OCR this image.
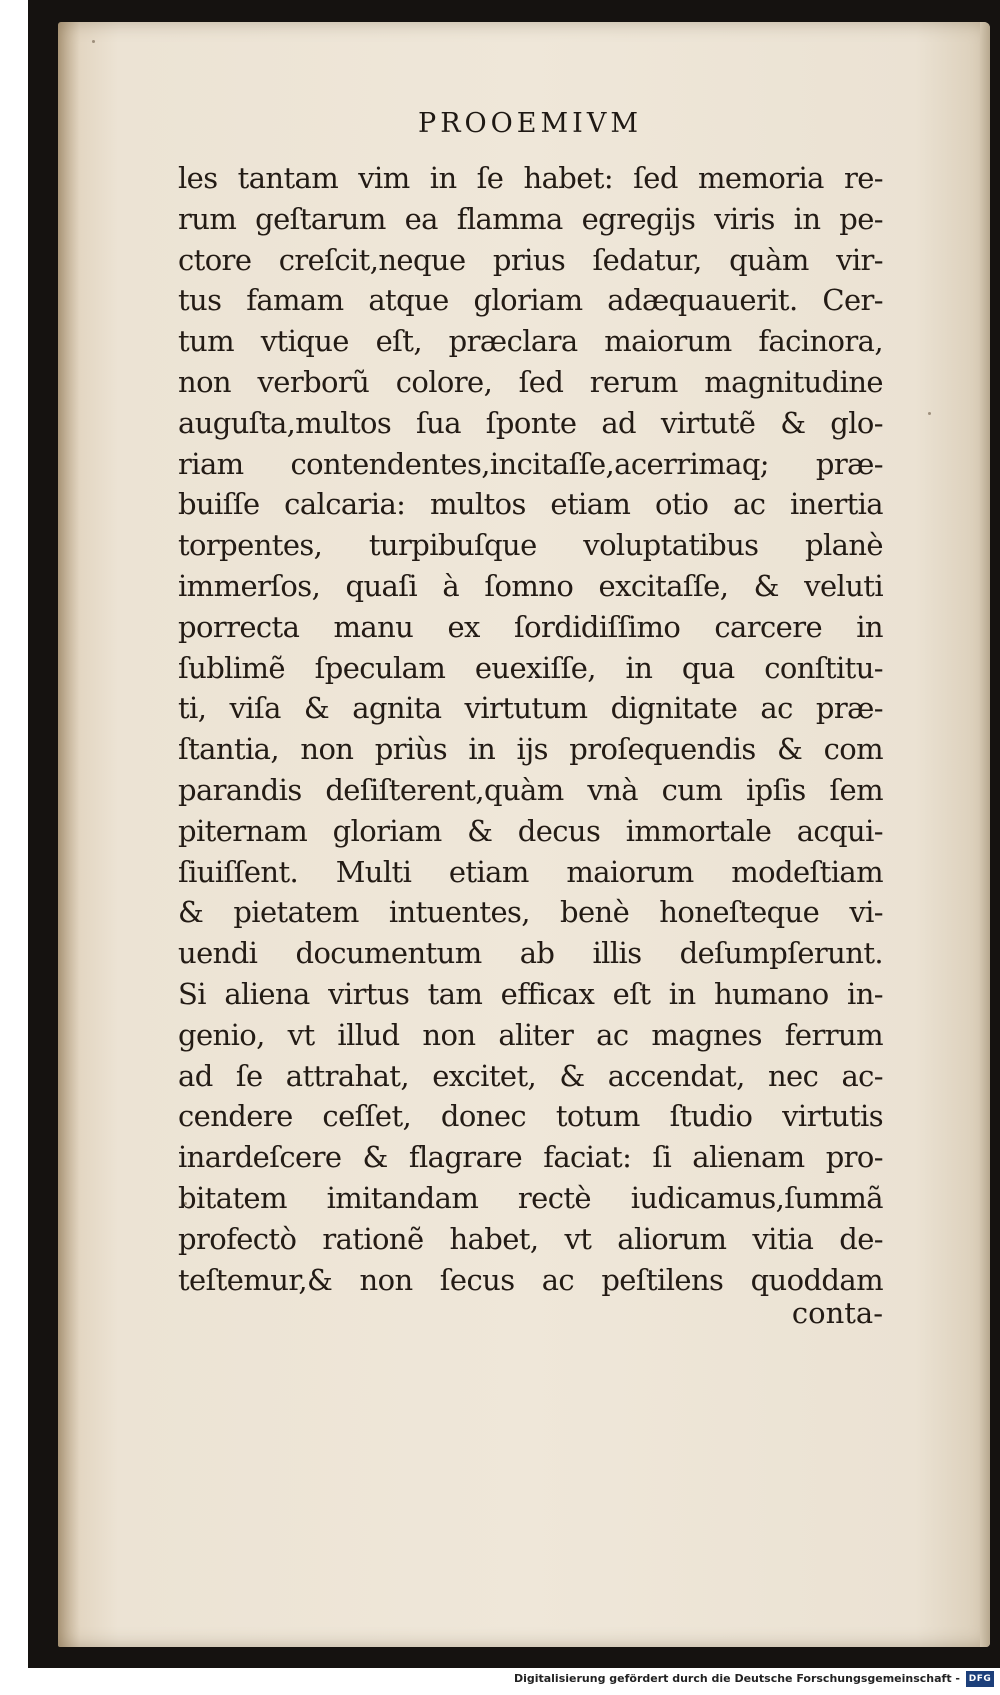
PROOEMIVM
les tantam vim in ſe habet: ſed memoria re-
rum geſtarum ea flamma egregijs viris in pe-
ctore creſcit,neque prius ſedatur, quàm vir-
tus famam atque gloriam adæquauerit. Cer-
tum vtique eſt, præclara maiorum facinora,
non verborũ colore, ſed rerum magnitudine
auguſta,multos ſua ſponte ad virtutẽ & glo-
riam contendentes,incitaſſe,acerrimaq; præ-
buiſſe calcaria: multos etiam otio ac inertia
torpentes, turpibuſque voluptatibus planè
immerſos, quaſi à ſomno excitaſſe, & veluti
porrecta manu ex ſordidiſſimo carcere in
ſublimẽ ſpeculam euexiſſe, in qua conſtitu-
ti, viſa & agnita virtutum dignitate ac præ-
ſtantia, non priùs in ijs proſequendis & com
parandis deſiſterent,quàm vnà cum ipſis ſem
piternam gloriam & decus immortale acqui-
ſiuiſſent. Multi etiam maiorum modeſtiam
& pietatem intuentes, benè honeſteque vi-
uendi documentum ab illis deſumpſerunt.
Si aliena virtus tam efficax eſt in humano in-
genio, vt illud non aliter ac magnes ferrum
ad ſe attrahat, excitet, & accendat, nec ac-
cendere ceſſet, donec totum ſtudio virtutis
inardeſcere & flagrare faciat: ſi alienam pro-
bitatem imitandam rectè iudicamus,ſummã
profectò rationẽ habet, vt aliorum vitia de-
teſtemur,& non ſecus ac peſtilens quoddam

conta-

Digitalisierung gefördert durch die Deutsche Forschungsgemeinschaft - DFG
